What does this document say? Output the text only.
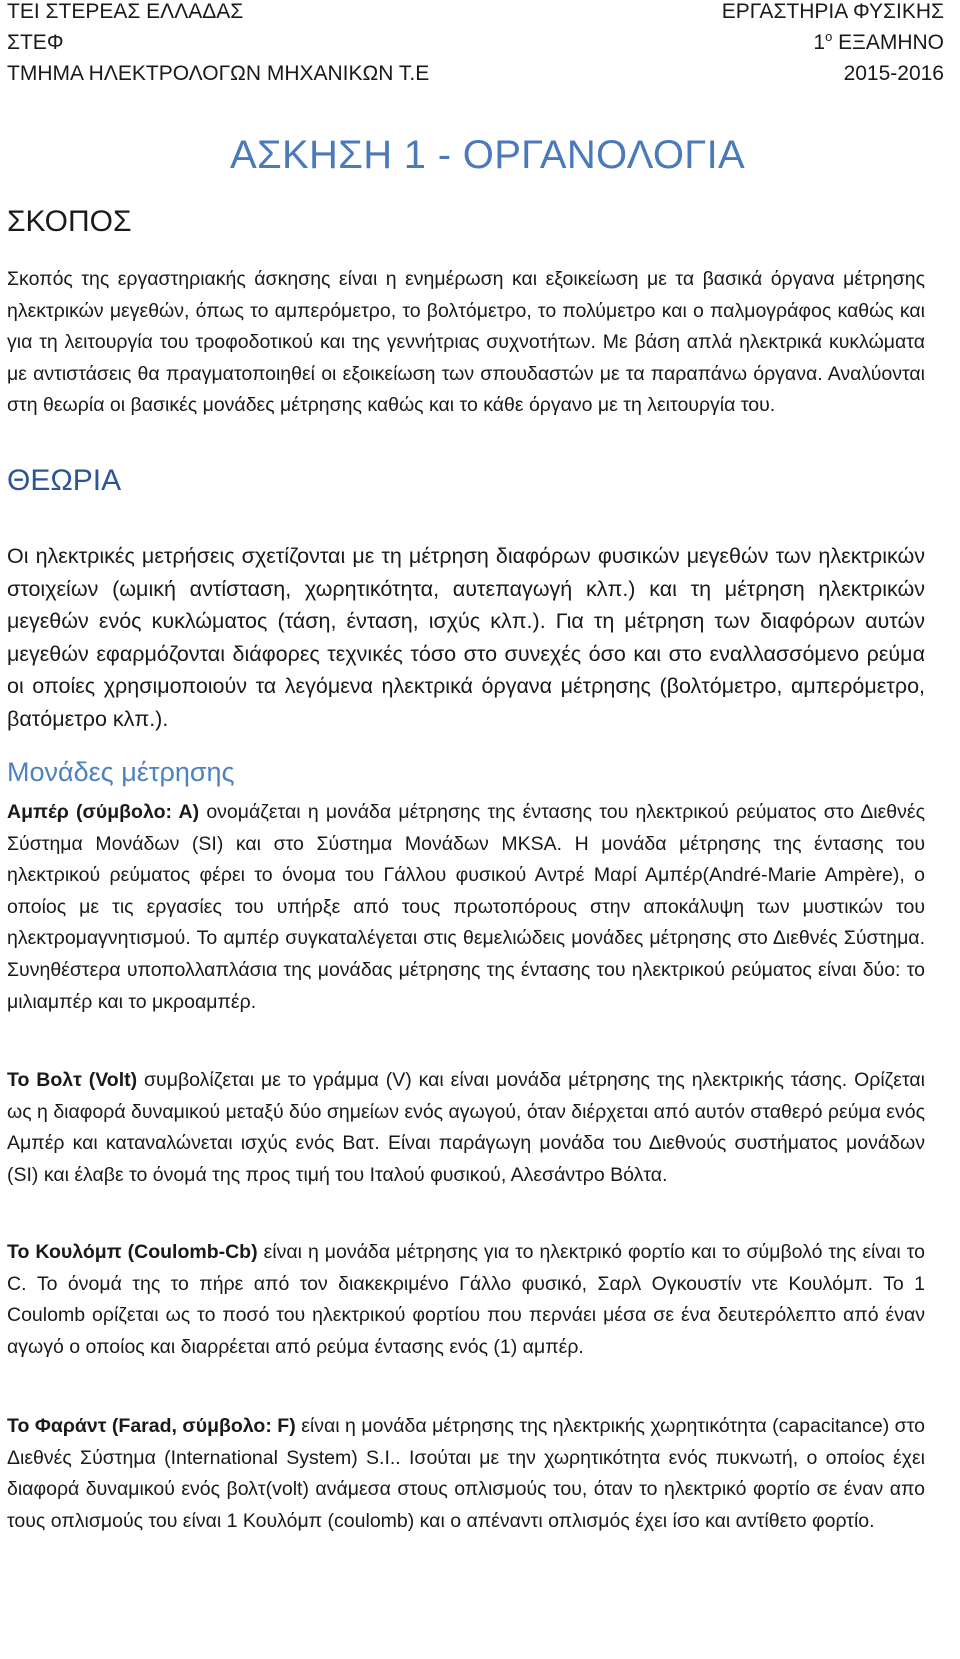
ΤΕΙ ΣΤΕΡΕΑΣ ΕΛΛΑΔΑΣ
ΣΤΕΦ
ΤΜΗΜΑ ΗΛΕΚΤΡΟΛΟΓΩΝ ΜΗΧΑΝΙΚΩΝ Τ.Ε
ΕΡΓΑΣΤΗΡΙΑ ΦΥΣΙΚΗΣ
$1^o$ ΕΞΑΜΗΝΟ
2015-2016
ΑΣΚΗΣΗ 1 - ΟΡΓΑΝΟΛΟΓΙΑ
ΣΚΟΠΟΣ

Σκοπός της εργαστηριακής άσκησης είναι η ενημέρωση και εξοικείωση με τα βασικά όργανα μέτρησης ηλεκτρικών μεγεθών, όπως το αμπερόμετρο, το βολτόμετρο, το πολύμετρο και ο παλμογράφος καθώς και για τη λειτουργία του τροφοδοτικού και της γεννήτριας συχνοτήτων. Με βάση απλά ηλεκτρικά κυκλώματα με αντιστάσεις θα πραγματοποιηθεί οι εξοικείωση των σπουδαστών με τα παραπάνω όργανα. Αναλύονται στη θεωρία οι βασικές μονάδες μέτρησης καθώς και το κάθε όργανο με τη λειτουργία του.

ΘΕΩΡΙΑ

Οι ηλεκτρικές μετρήσεις σχετίζονται με τη μέτρηση διαφόρων φυσικών μεγεθών των ηλεκτρικών στοιχείων (ωμική αντίσταση, χωρητικότητα, αυτεπαγωγή κλπ.) και τη μέτρηση ηλεκτρικών μεγεθών ενός κυκλώματος (τάση, ένταση, ισχύς κλπ.). Για τη μέτρηση των διαφόρων αυτών μεγεθών εφαρμόζονται διάφορες τεχνικές τόσο στο συνεχές όσο και στο εναλλασσόμενο ρεύμα οι οποίες χρησιμοποιούν τα λεγόμενα ηλεκτρικά όργανα μέτρησης (βολτόμετρο, αμπερόμετρο, βατόμετρο κλπ.).

Μονάδες μέτρησης

Αμπέρ (σύμβολο: Α) ονομάζεται η μονάδα μέτρησης της έντασης του ηλεκτρικού ρεύματος στο Διεθνές Σύστημα Μονάδων (SI) και στο Σύστημα Μονάδων MKSA. Η μονάδα μέτρησης της έντασης του ηλεκτρικού ρεύματος φέρει το όνομα του Γάλλου φυσικού Αντρέ Μαρί Αμπέρ(André-Marie Ampère), ο οποίος με τις εργασίες του υπήρξε από τους πρωτοπόρους στην αποκάλυψη των μυστικών του ηλεκτρομαγνητισμού. Το αμπέρ συγκαταλέγεται στις θεμελιώδεις μονάδες μέτρησης στο Διεθνές Σύστημα. Συνηθέστερα υποπολλαπλάσια της μονάδας μέτρησης της έντασης του ηλεκτρικού ρεύματος είναι δύο: το μιλιαμπέρ και το μκροαμπέρ.

Το Βολτ (Volt) συμβολίζεται με το γράμμα (V) και είναι μονάδα μέτρησης της ηλεκτρικής τάσης. Ορίζεται ως η διαφορά δυναμικού μεταξύ δύο σημείων ενός αγωγού, όταν διέρχεται από αυτόν σταθερό ρεύμα ενός Αμπέρ και καταναλώνεται ισχύς ενός Βατ. Είναι παράγωγη μονάδα του Διεθνούς συστήματος μονάδων (SI) και έλαβε το όνομά της προς τιμή του Ιταλού φυσικού, Αλεσάντρο Βόλτα.

Το Κουλόμπ (Coulomb-Cb) είναι η μονάδα μέτρησης για το ηλεκτρικό φορτίο και το σύμβολό της είναι το C. Το όνομά της το πήρε από τον διακεκριμένο Γάλλο φυσικό, Σαρλ Ογκουστίν ντε Κουλόμπ. Το 1 Coulomb ορίζεται ως το ποσό του ηλεκτρικού φορτίου που περνάει μέσα σε ένα δευτερόλεπτο από έναν αγωγό ο οποίος και διαρρέεται από ρεύμα έντασης ενός (1) αμπέρ.

Το Φαράντ (Farad, σύμβολο: F) είναι η μονάδα μέτρησης της ηλεκτρικής χωρητικότητα (capacitance) στο Διεθνές Σύστημα (International System) S.I.. Ισούται με την χωρητικότητα ενός πυκνωτή, ο οποίος έχει διαφορά δυναμικού ενός βολτ(volt) ανάμεσα στους οπλισμούς του, όταν το ηλεκτρικό φορτίο σε έναν απο τους οπλισμούς του είναι 1 Κουλόμπ (coulomb) και ο απέναντι οπλισμός έχει ίσο και αντίθετο φορτίο.
